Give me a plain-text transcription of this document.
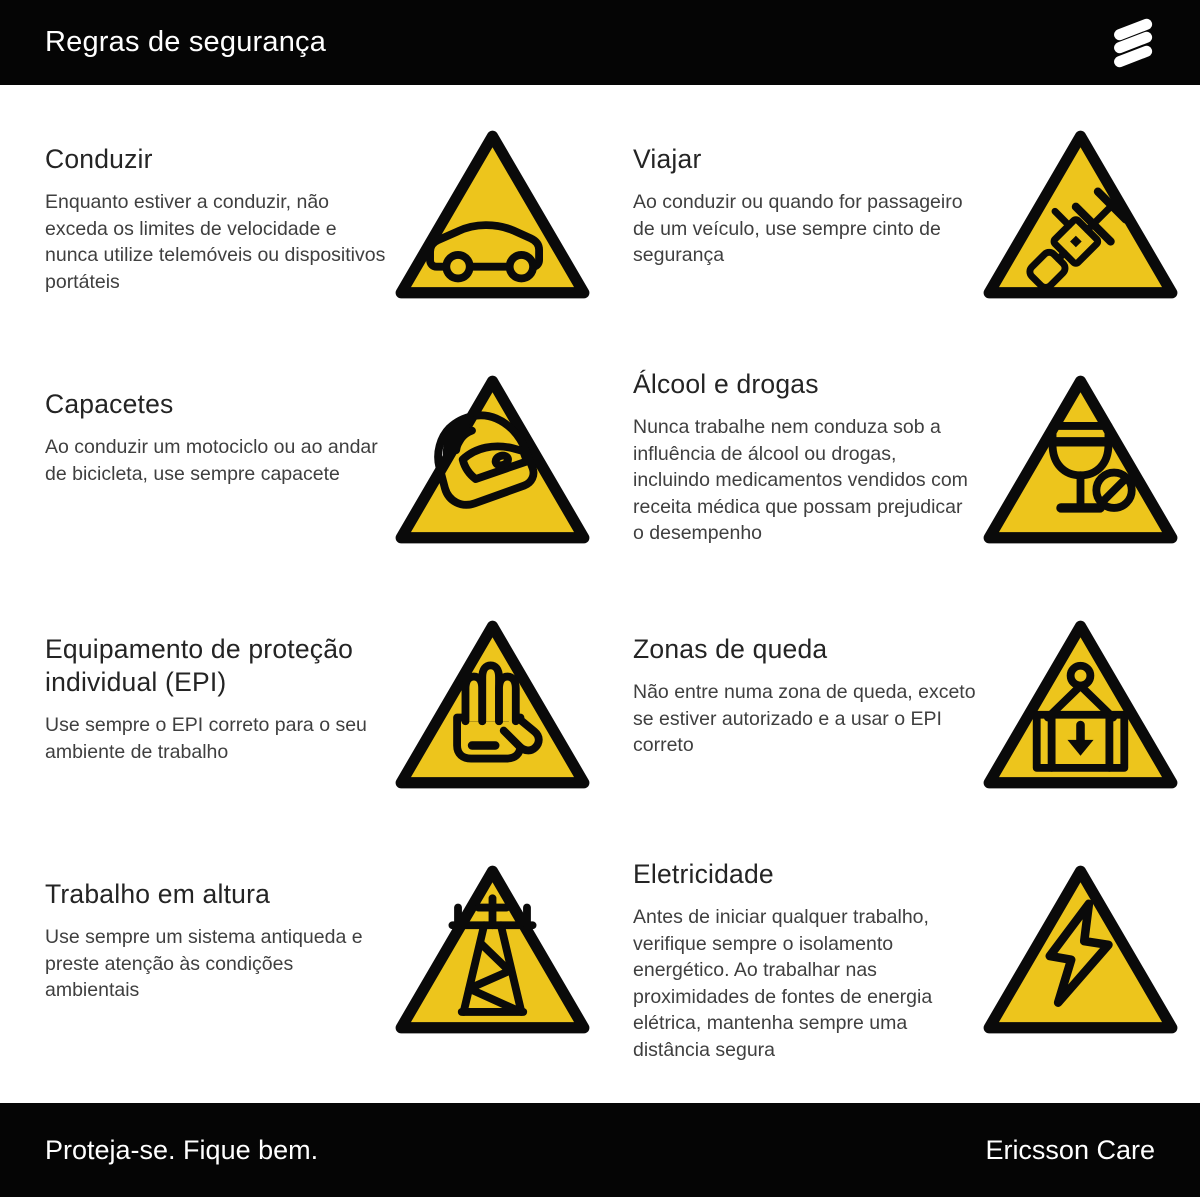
Regras de segurança
Conduzir

Enquanto estiver a conduzir, não exceda os limites de velocidade e nunca utilize telemóveis ou dispositivos portáteis

Viajar

Ao conduzir ou quando for passageiro de um veículo, use sempre cinto de segurança

Capacetes

Ao conduzir um motociclo ou ao andar de bicicleta, use sempre capacete

Álcool e drogas

Nunca trabalhe nem conduza sob a influência de álcool ou drogas, incluindo medicamentos vendidos com receita médica que possam prejudicar o desempenho

Equipamento de proteção individual (EPI)

Use sempre o EPI correto para o seu ambiente de trabalho

Zonas de queda

Não entre numa zona de queda, exceto se estiver autorizado e a usar o EPI correto

Trabalho em altura

Use sempre um sistema antiqueda e preste atenção às condições ambientais

Eletricidade

Antes de iniciar qualquer trabalho, verifique sempre o isolamento energético. Ao trabalhar nas proximidades de fontes de energia elétrica, mantenha sempre uma distância segura

Proteja-se. Fique bem.	Ericsson Care
